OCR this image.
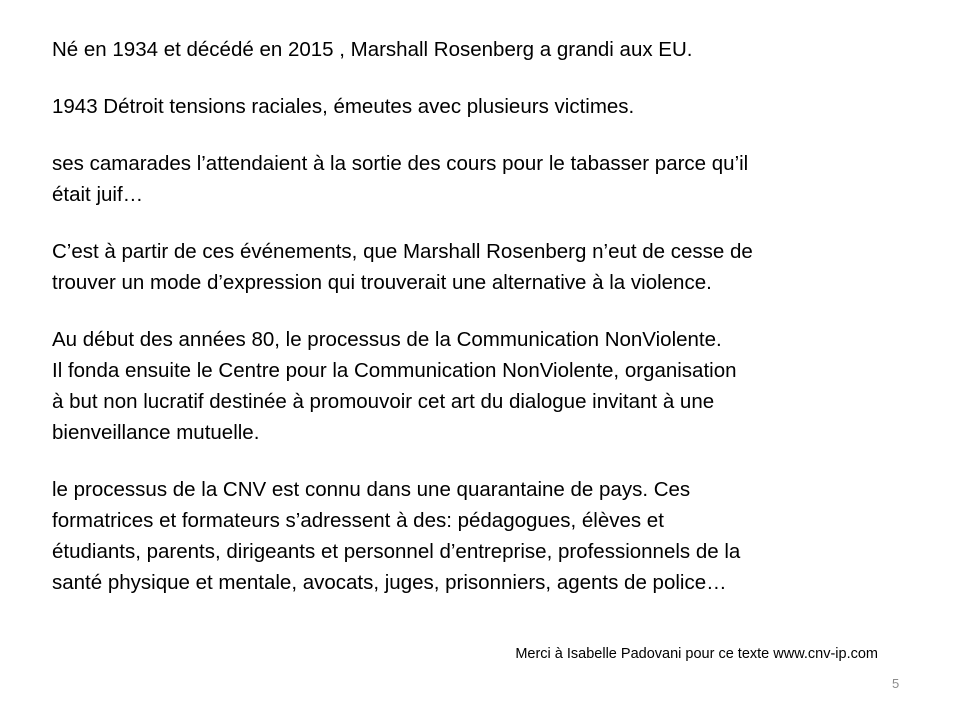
Né en 1934 et décédé en 2015 , Marshall Rosenberg a grandi aux EU.

1943 Détroit tensions raciales, émeutes avec plusieurs victimes.

ses camarades l’attendaient à la sortie des cours pour le tabasser parce qu’il
était juif…

C’est à partir de ces événements, que Marshall Rosenberg n’eut de cesse de
trouver un mode d’expression qui trouverait une alternative à la violence.

Au début des années 80, le processus de la Communication NonViolente.
Il fonda ensuite le Centre pour la Communication NonViolente, organisation
à but non lucratif destinée à promouvoir cet art du dialogue invitant à une
bienveillance mutuelle.

le processus de la CNV est connu dans une quarantaine de pays. Ces
formatrices et formateurs s’adressent à des: pédagogues, élèves et
étudiants, parents, dirigeants et personnel d’entreprise, professionnels de la
santé physique et mentale, avocats, juges, prisonniers, agents de police…

Merci à Isabelle Padovani pour ce texte www.cnv-ip.com
5
